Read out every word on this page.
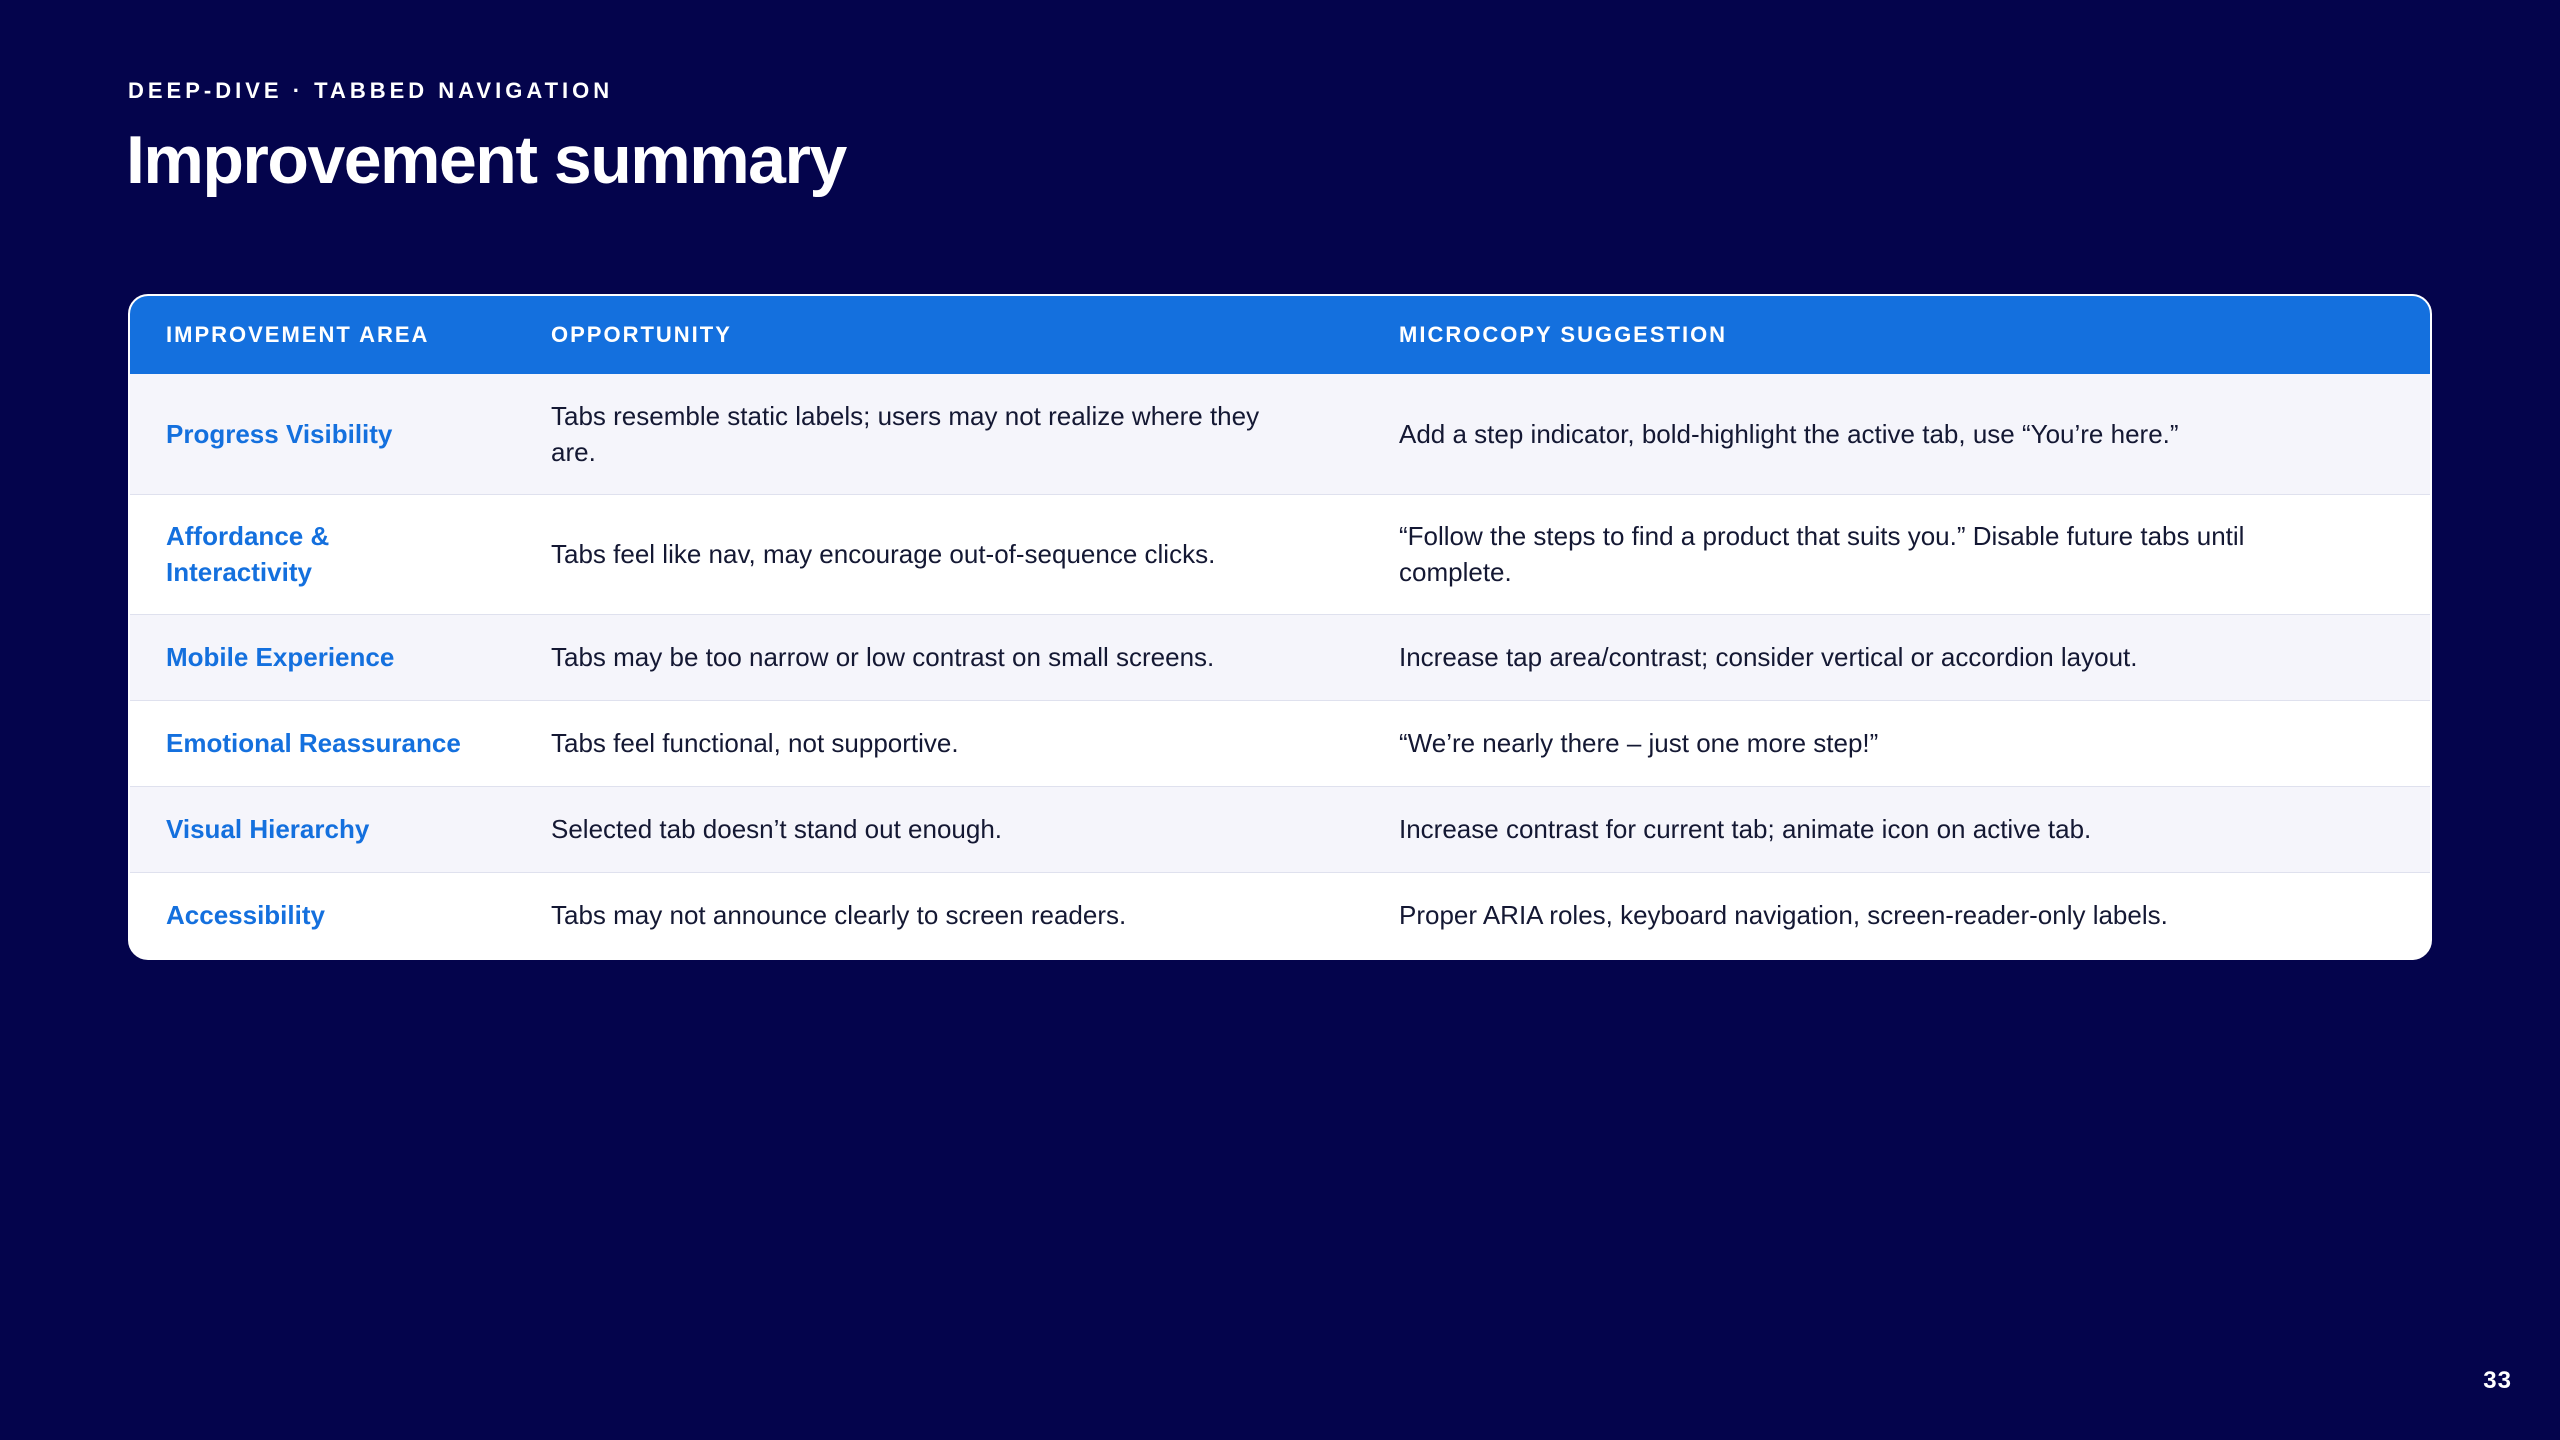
DEEP-DIVE · TABBED NAVIGATION
Improvement summary
IMPROVEMENT AREA	OPPORTUNITY	MICROCOPY SUGGESTION
Progress Visibility	Tabs resemble static labels; users may not realize where they are.	Add a step indicator, bold-highlight the active tab, use “You’re here.”
Affordance & Interactivity	Tabs feel like nav, may encourage out-of-sequence clicks.	“Follow the steps to find a product that suits you.” Disable future tabs until complete.
Mobile Experience	Tabs may be too narrow or low contrast on small screens.	Increase tap area/contrast; consider vertical or accordion layout.
Emotional Reassurance	Tabs feel functional, not supportive.	“We’re nearly there – just one more step!”
Visual Hierarchy	Selected tab doesn’t stand out enough.	Increase contrast for current tab; animate icon on active tab.
Accessibility	Tabs may not announce clearly to screen readers.	Proper ARIA roles, keyboard navigation, screen-reader-only labels.
33
